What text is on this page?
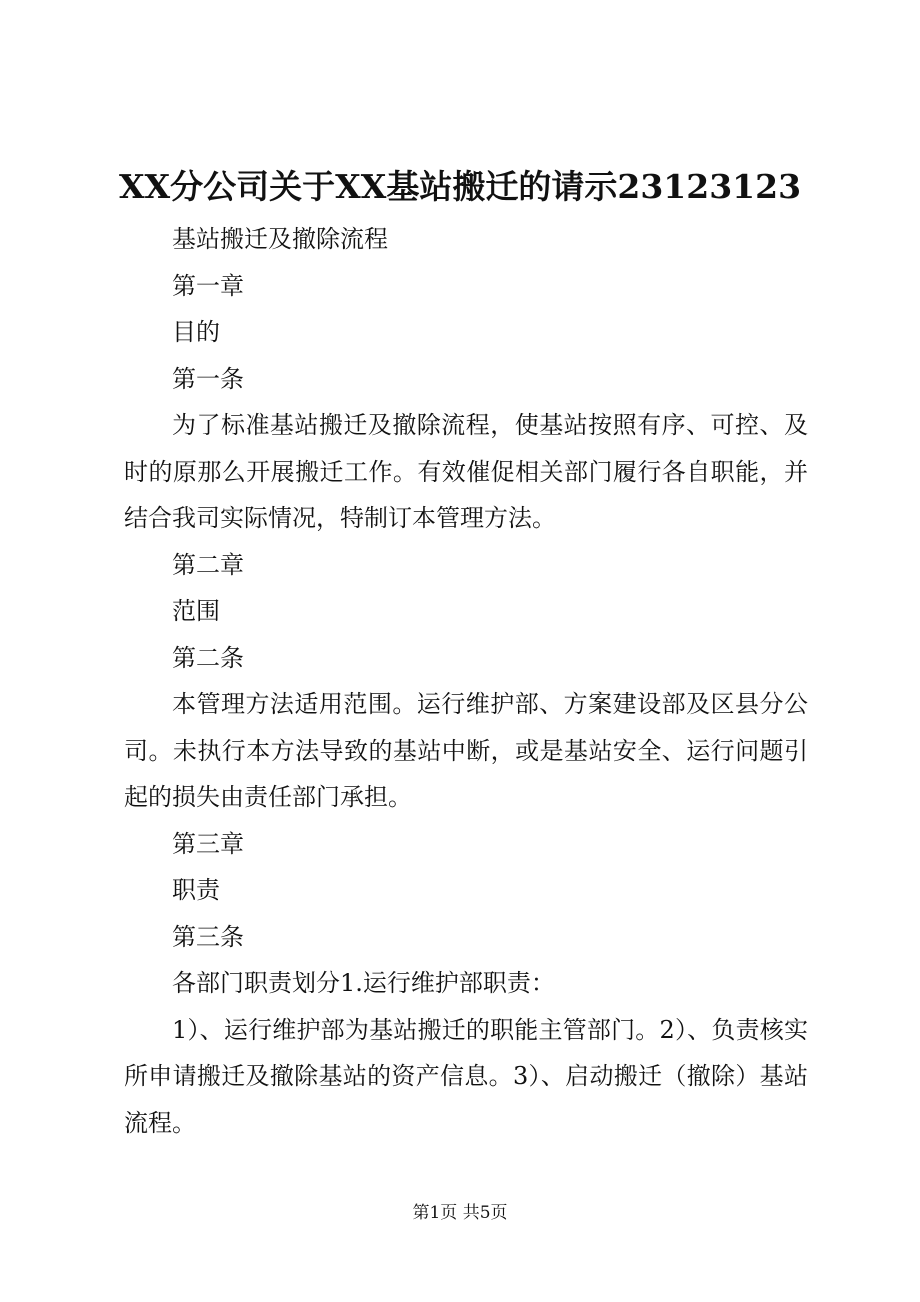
XX分公司关于XX基站搬迁的请示23123123

基站搬迁及撤除流程

第一章

目的

第一条

为了标准基站搬迁及撤除流程，使基站按照有序、可控、及时的原那么开展搬迁工作。有效催促相关部门履行各自职能，并结合我司实际情况，特制订本管理方法。

第二章

范围

第二条

本管理方法适用范围。运行维护部、方案建设部及区县分公司。未执行本方法导致的基站中断，或是基站安全、运行问题引起的损失由责任部门承担。

第三章

职责

第三条

各部门职责划分1.运行维护部职责：

1）、运行维护部为基站搬迁的职能主管部门。2）、负责核实所申请搬迁及撤除基站的资产信息。3）、启动搬迁（撤除）基站流程。

第1页 共5页
